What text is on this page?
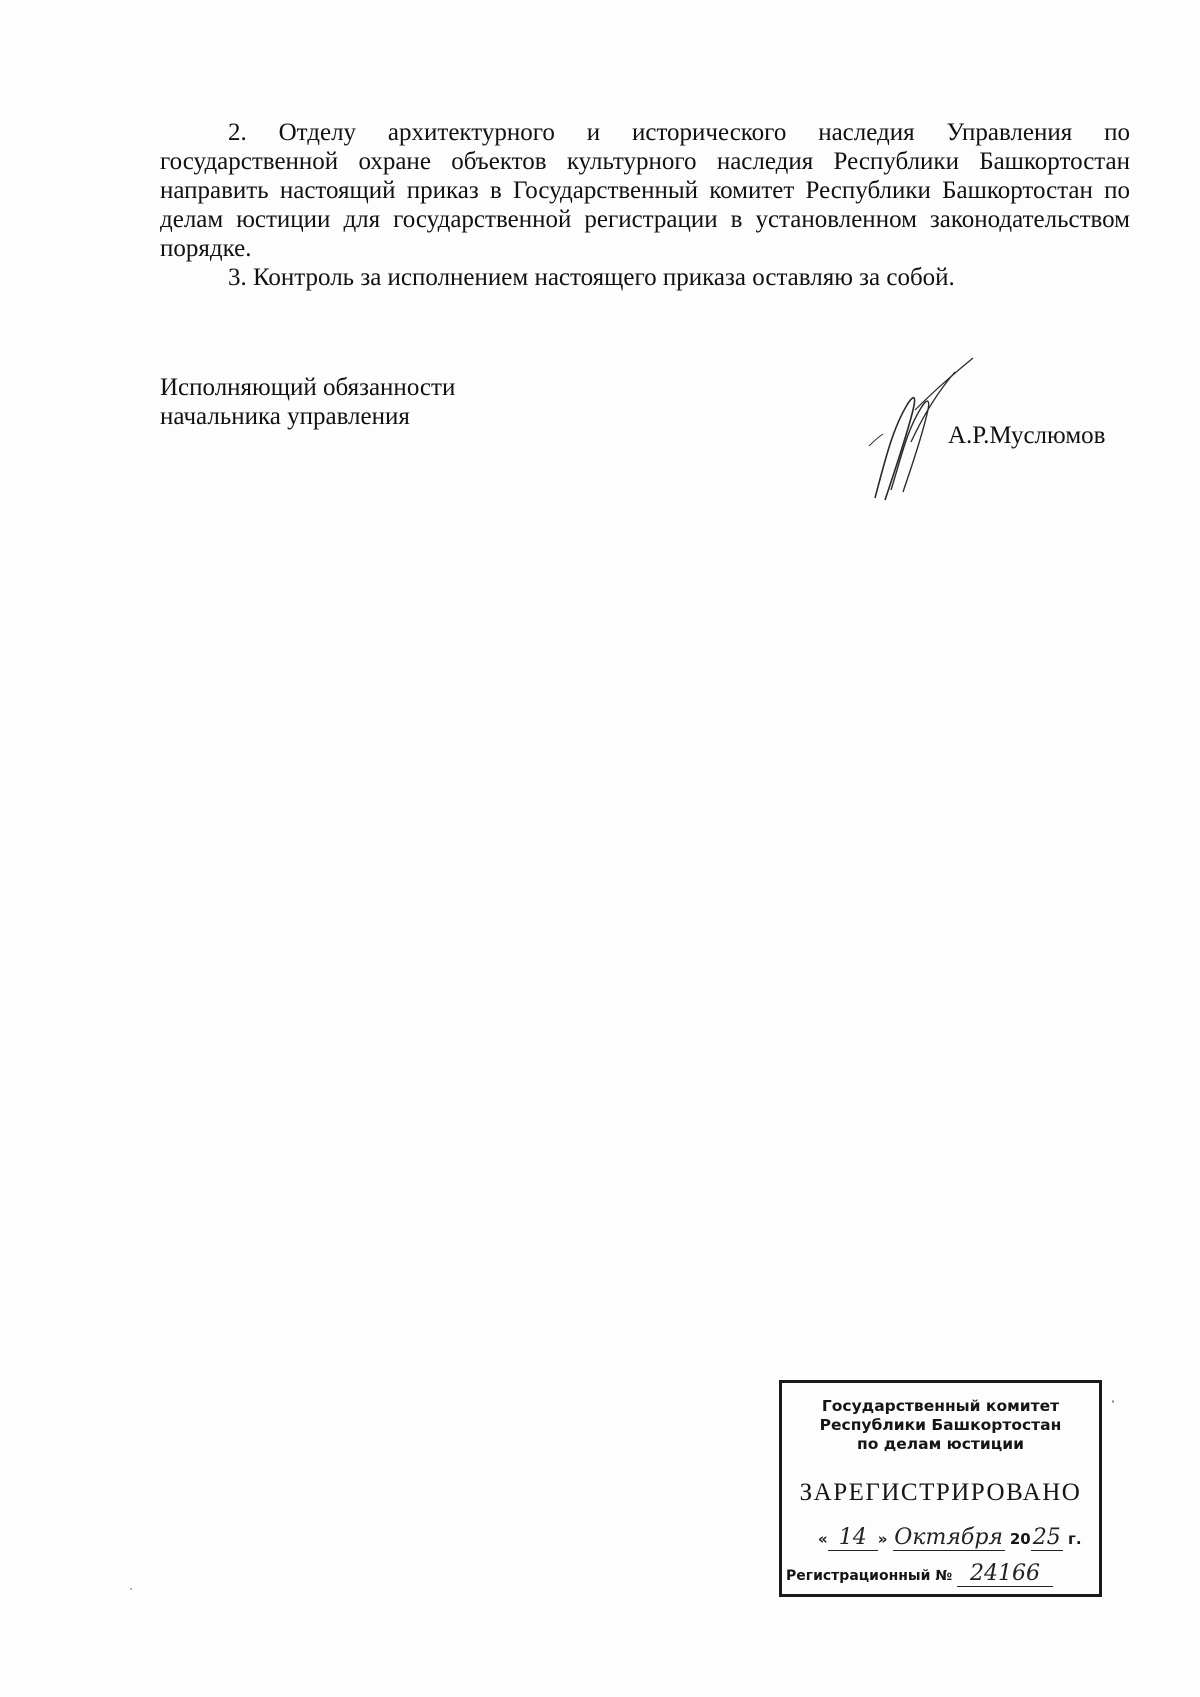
2. Отделу архитектурного и исторического наследия Управления по государственной охране объектов культурного наследия Республики Башкортостан направить настоящий приказ в Государственный комитет Республики Башкортостан по делам юстиции для государственной регистрации в установленном законодательством порядке.

3. Контроль за исполнением настоящего приказа оставляю за собой.

Исполняющий обязанности
начальника управления
А.Р.Муслюмов
Государственный комитет
Республики Башкортостан
по делам юстиции
ЗАРЕГИСТРИРОВАНО
« 14 » Октября 2025 г.
Регистрационный № 24166
